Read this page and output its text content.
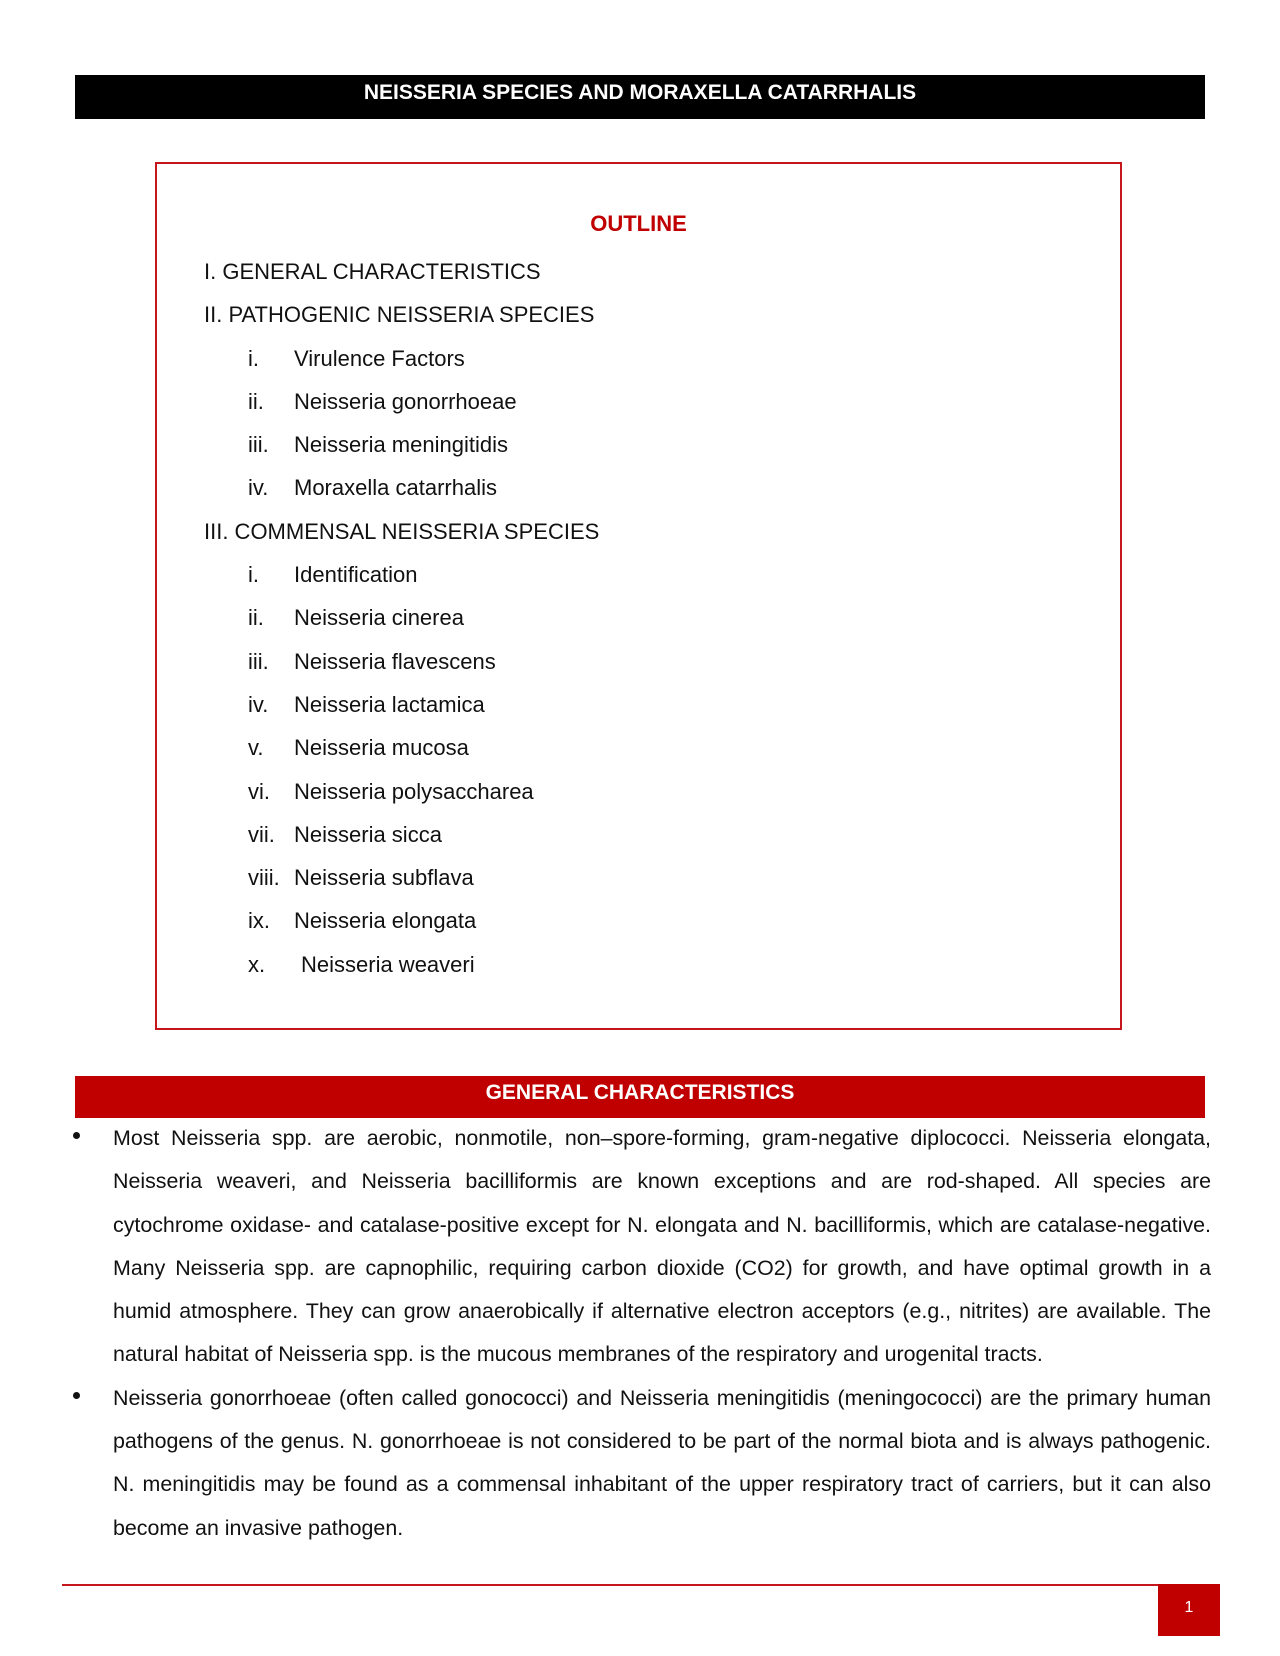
NEISSERIA SPECIES AND MORAXELLA CATARRHALIS
OUTLINE
I. GENERAL CHARACTERISTICS
II. PATHOGENIC NEISSERIA SPECIES
i. Virulence Factors
ii. Neisseria gonorrhoeae
iii. Neisseria meningitidis
iv. Moraxella catarrhalis
III. COMMENSAL NEISSERIA SPECIES
i. Identification
ii. Neisseria cinerea
iii. Neisseria flavescens
iv. Neisseria lactamica
v. Neisseria mucosa
vi. Neisseria polysaccharea
vii. Neisseria sicca
viii. Neisseria subflava
ix. Neisseria elongata
x. Neisseria weaveri
GENERAL CHARACTERISTICS
Most Neisseria spp. are aerobic, nonmotile, non–spore-forming, gram-negative diplococci. Neisseria elongata, Neisseria weaveri, and Neisseria bacilliformis are known exceptions and are rod-shaped. All species are cytochrome oxidase- and catalase-positive except for N. elongata and N. bacilliformis, which are catalase-negative. Many Neisseria spp. are capnophilic, requiring carbon dioxide (CO2) for growth, and have optimal growth in a humid atmosphere. They can grow anaerobically if alternative electron acceptors (e.g., nitrites) are available. The natural habitat of Neisseria spp. is the mucous membranes of the respiratory and urogenital tracts.
Neisseria gonorrhoeae (often called gonococci) and Neisseria meningitidis (meningococci) are the primary human pathogens of the genus. N. gonorrhoeae is not considered to be part of the normal biota and is always pathogenic. N. meningitidis may be found as a commensal inhabitant of the upper respiratory tract of carriers, but it can also become an invasive pathogen.
1
